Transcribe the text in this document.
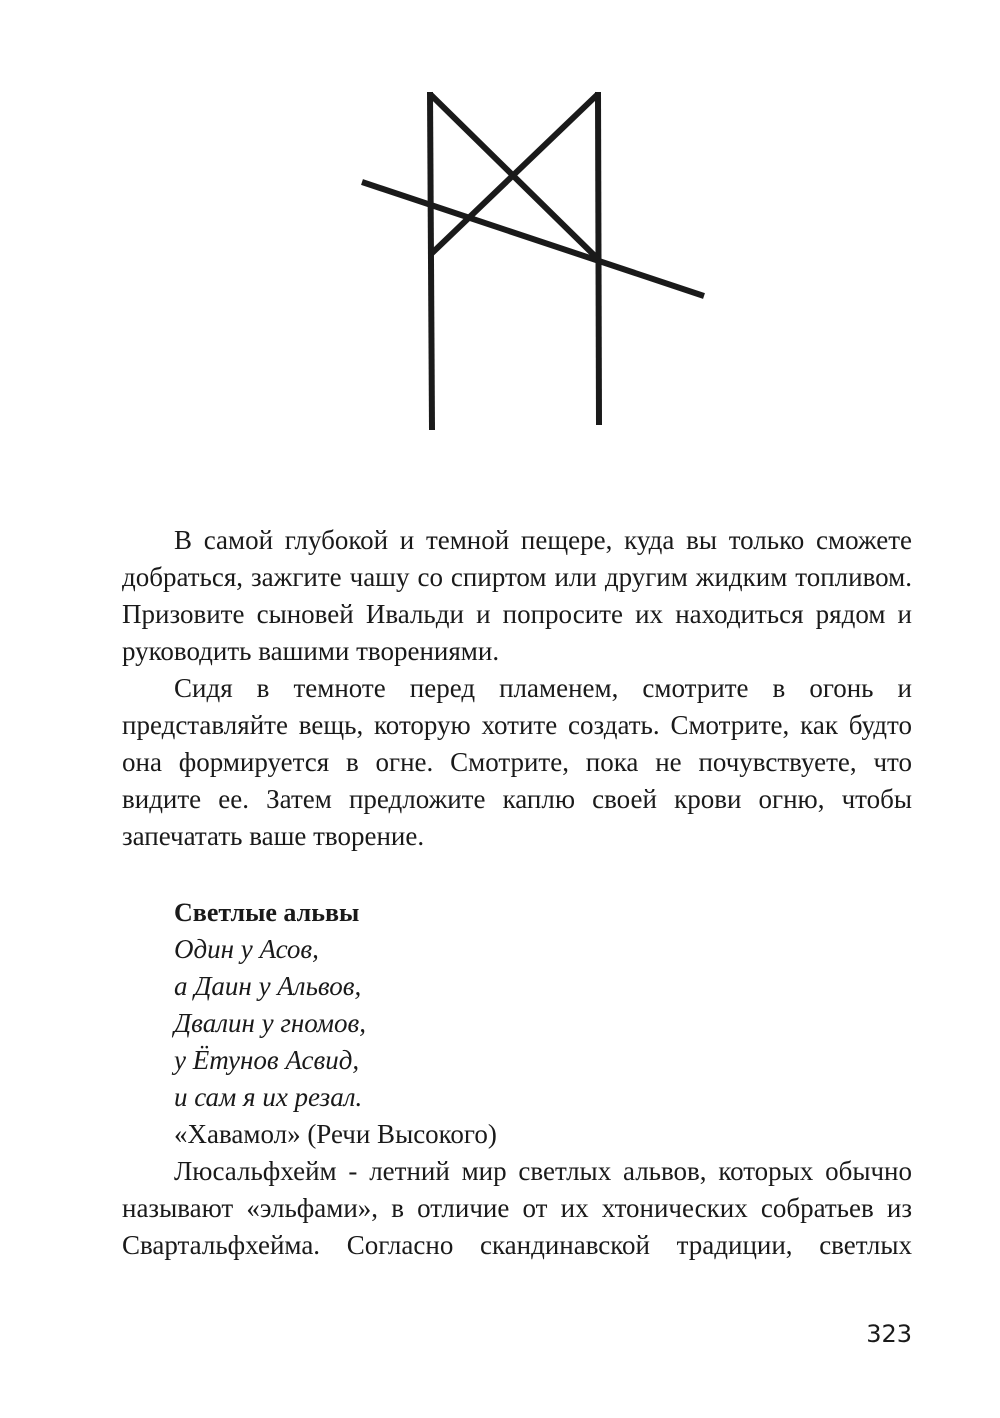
В самой глубокой и темной пещере, куда вы только сможете добраться, зажгите чашу со спиртом или другим жидким топливом. Призовите сыновей Ивальди и попросите их находиться рядом и руководить вашими творениями.

Сидя в темноте перед пламенем, смотрите в огонь и представляйте вещь, которую хотите создать. Смотрите, как будто она формируется в огне. Смотрите, пока не почувствуете, что видите ее. Затем предложите каплю своей крови огню, чтобы запечатать ваше творение.

Светлые альвы

Один у Асов,

а Даин у Альвов,

Двалин у гномов,

у Ётунов Асвид,

и сам я их резал.

«Хавамол» (Речи Высокого)

Люсальфхейм - летний мир светлых альвов, которых обычно называют «эльфами», в отличие от их хтонических собратьев из Свартальфхейма. Согласно скандинавской традиции, светлых

323
